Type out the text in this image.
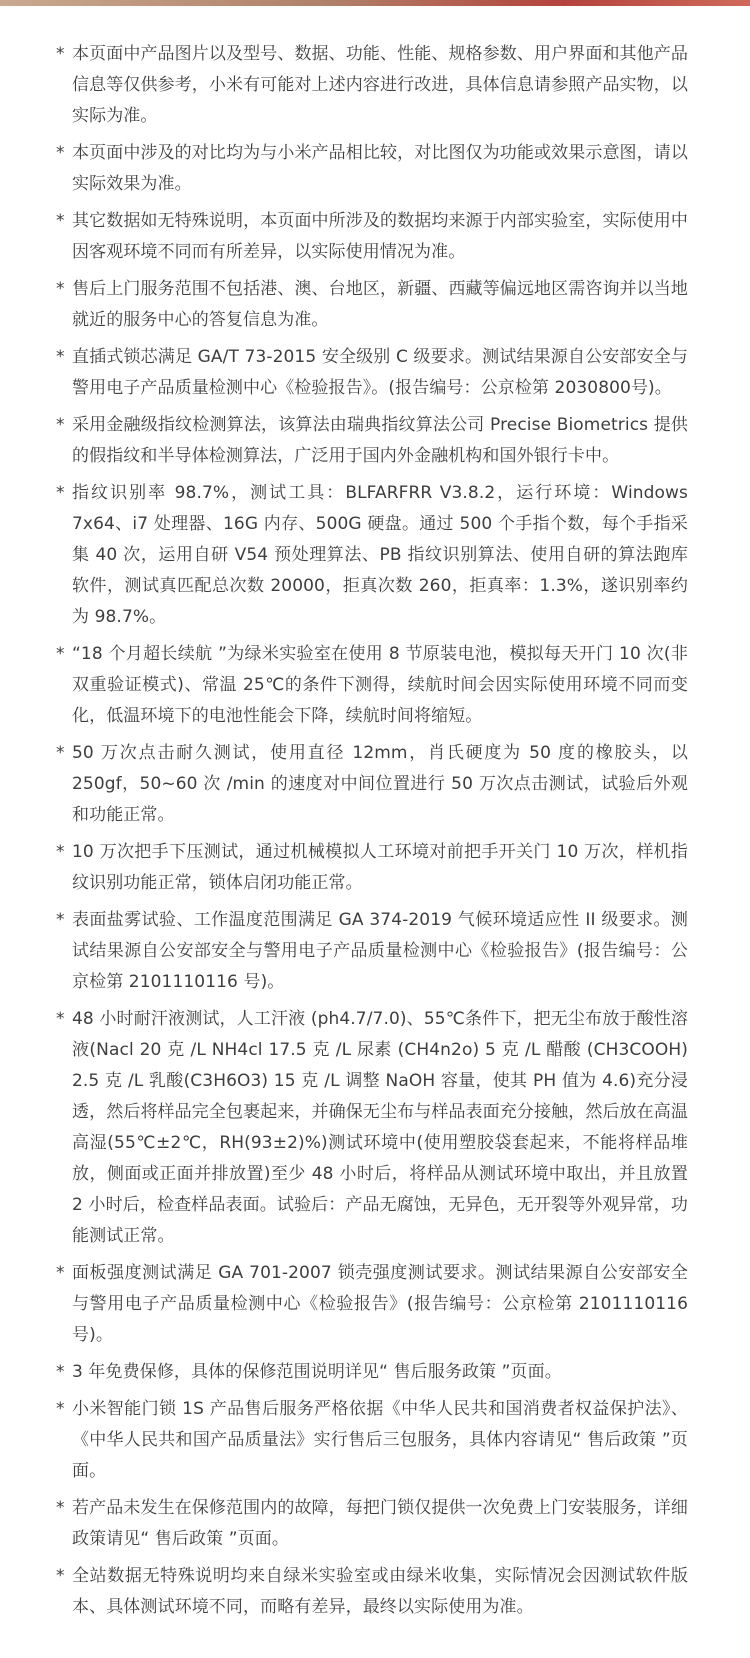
* 本页面中产品图片以及型号、数据、功能、性能、规格参数、用户界面和其他产品信息等仅供参考，小米有可能对上述内容进行改进，具体信息请参照产品实物，以实际为准。
* 本页面中涉及的对比均为与小米产品相比较，对比图仅为功能或效果示意图，请以实际效果为准。
* 其它数据如无特殊说明，本页面中所涉及的数据均来源于内部实验室，实际使用中因客观环境不同而有所差异，以实际使用情况为准。
* 售后上门服务范围不包括港、澳、台地区，新疆、西藏等偏远地区需咨询并以当地就近的服务中心的答复信息为准。
* 直插式锁芯满足 GA/T 73-2015 安全级别 C 级要求。测试结果源自公安部安全与警用电子产品质量检测中心《检验报告》。(报告编号：公京检第 2030800号)。
* 采用金融级指纹检测算法，该算法由瑞典指纹算法公司 Precise Biometrics 提供的假指纹和半导体检测算法，广泛用于国内外金融机构和国外银行卡中。
* 指纹识别率 98.7%，测试工具：BLFARFRR V3.8.2，运行环境：Windows 7x64、i7 处理器、16G 内存、500G 硬盘。通过 500 个手指个数，每个手指采集 40 次，运用自研 V54 预处理算法、PB 指纹识别算法、使用自研的算法跑库软件，测试真匹配总次数 20000，拒真次数 260，拒真率：1.3%，遂识别率约为 98.7%。
* “18 个月超长续航 ”为绿米实验室在使用 8 节原装电池，模拟每天开门 10 次(非双重验证模式)、常温 25℃的条件下测得，续航时间会因实际使用环境不同而变化，低温环境下的电池性能会下降，续航时间将缩短。
* 50 万次点击耐久测试，使用直径 12mm，肖氏硬度为 50 度的橡胶头，以 250gf，50~60 次 /min 的速度对中间位置进行 50 万次点击测试，试验后外观和功能正常。
* 10 万次把手下压测试，通过机械模拟人工环境对前把手开关门 10 万次，样机指纹识别功能正常，锁体启闭功能正常。
* 表面盐雾试验、工作温度范围满足 GA 374-2019 气候环境适应性 II 级要求。测试结果源自公安部安全与警用电子产品质量检测中心《检验报告》(报告编号：公京检第 2101110116 号)。
* 48 小时耐汗液测试，人工汗液 (ph4.7/7.0)、55℃条件下，把无尘布放于酸性溶液(Nacl 20 克 /L NH4cl 17.5 克 /L 尿素 (CH4n2o) 5 克 /L 醋酸 (CH3COOH) 2.5 克 /L 乳酸(C3H6O3) 15 克 /L 调整 NaOH 容量，使其 PH 值为 4.6)充分浸透，然后将样品完全包裹起来，并确保无尘布与样品表面充分接触，然后放在高温高湿(55℃±2℃，RH(93±2)%)测试环境中(使用塑胶袋套起来，不能将样品堆放，侧面或正面并排放置)至少 48 小时后，将样品从测试环境中取出，并且放置 2 小时后，检查样品表面。试验后：产品无腐蚀，无异色，无开裂等外观异常，功能测试正常。
* 面板强度测试满足 GA 701-2007 锁壳强度测试要求。测试结果源自公安部安全与警用电子产品质量检测中心《检验报告》(报告编号：公京检第 2101110116 号)。
* 3 年免费保修，具体的保修范围说明详见“ 售后服务政策 ”页面。
* 小米智能门锁 1S 产品售后服务严格依据《中华人民共和国消费者权益保护法》、《中华人民共和国产品质量法》实行售后三包服务，具体内容请见“ 售后政策 ”页面。
* 若产品未发生在保修范围内的故障，每把门锁仅提供一次免费上门安装服务，详细政策请见“ 售后政策 ”页面。
* 全站数据无特殊说明均来自绿米实验室或由绿米收集，实际情况会因测试软件版本、具体测试环境不同，而略有差异，最终以实际使用为准。
